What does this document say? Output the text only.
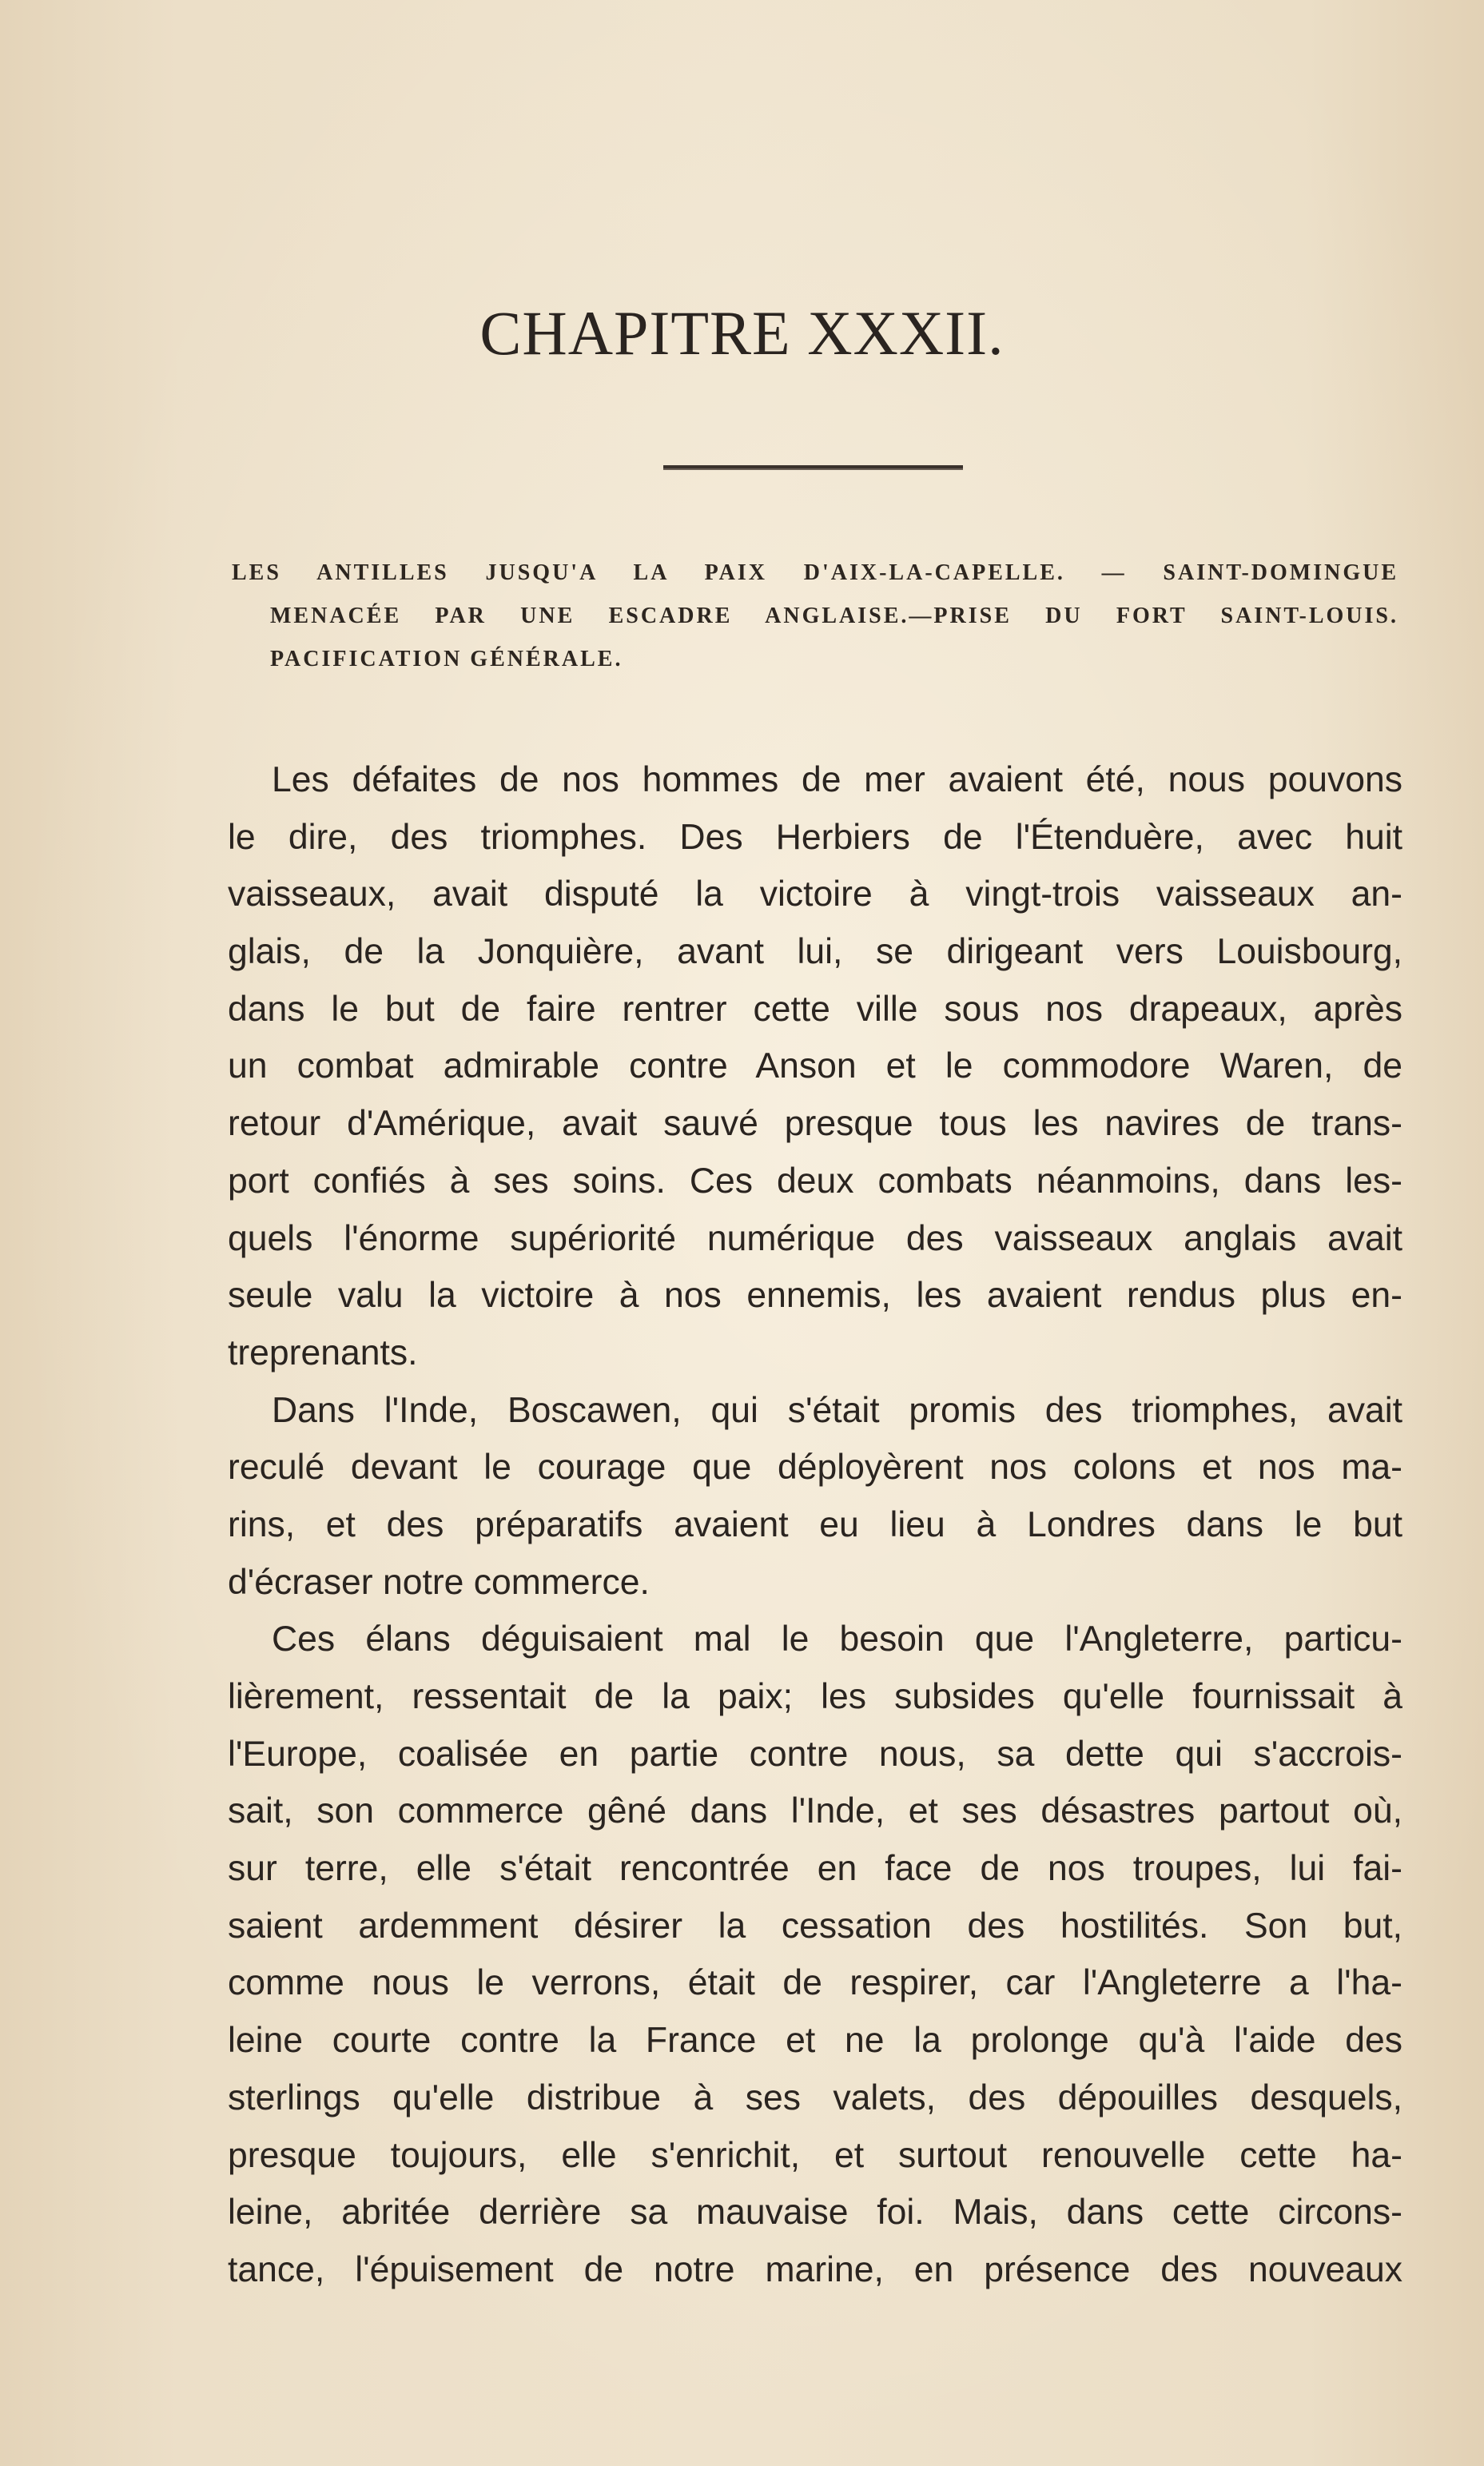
CHAPITRE XXXII.
LES ANTILLES JUSQU'A LA PAIX D'AIX-LA-CAPELLE. — SAINT-DOMINGUE
MENACÉE PAR UNE ESCADRE ANGLAISE.—PRISE DU FORT SAINT-LOUIS.
PACIFICATION GÉNÉRALE.
Les défaites de nos hommes de mer avaient été, nous pouvons
le dire, des triomphes. Des Herbiers de l'Étenduère, avec huit
vaisseaux, avait disputé la victoire à vingt-trois vaisseaux an-
glais, de la Jonquière, avant lui, se dirigeant vers Louisbourg,
dans le but de faire rentrer cette ville sous nos drapeaux, après
un combat admirable contre Anson et le commodore Waren, de
retour d'Amérique, avait sauvé presque tous les navires de trans-
port confiés à ses soins. Ces deux combats néanmoins, dans les-
quels l'énorme supériorité numérique des vaisseaux anglais avait
seule valu la victoire à nos ennemis, les avaient rendus plus en-
treprenants.
Dans l'Inde, Boscawen, qui s'était promis des triomphes, avait
reculé devant le courage que déployèrent nos colons et nos ma-
rins, et des préparatifs avaient eu lieu à Londres dans le but
d'écraser notre commerce.
Ces élans déguisaient mal le besoin que l'Angleterre, particu-
lièrement, ressentait de la paix; les subsides qu'elle fournissait à
l'Europe, coalisée en partie contre nous, sa dette qui s'accrois-
sait, son commerce gêné dans l'Inde, et ses désastres partout où,
sur terre, elle s'était rencontrée en face de nos troupes, lui fai-
saient ardemment désirer la cessation des hostilités. Son but,
comme nous le verrons, était de respirer, car l'Angleterre a l'ha-
leine courte contre la France et ne la prolonge qu'à l'aide des
sterlings qu'elle distribue à ses valets, des dépouilles desquels,
presque toujours, elle s'enrichit, et surtout renouvelle cette ha-
leine, abritée derrière sa mauvaise foi. Mais, dans cette circons-
tance, l'épuisement de notre marine, en présence des nouveaux
